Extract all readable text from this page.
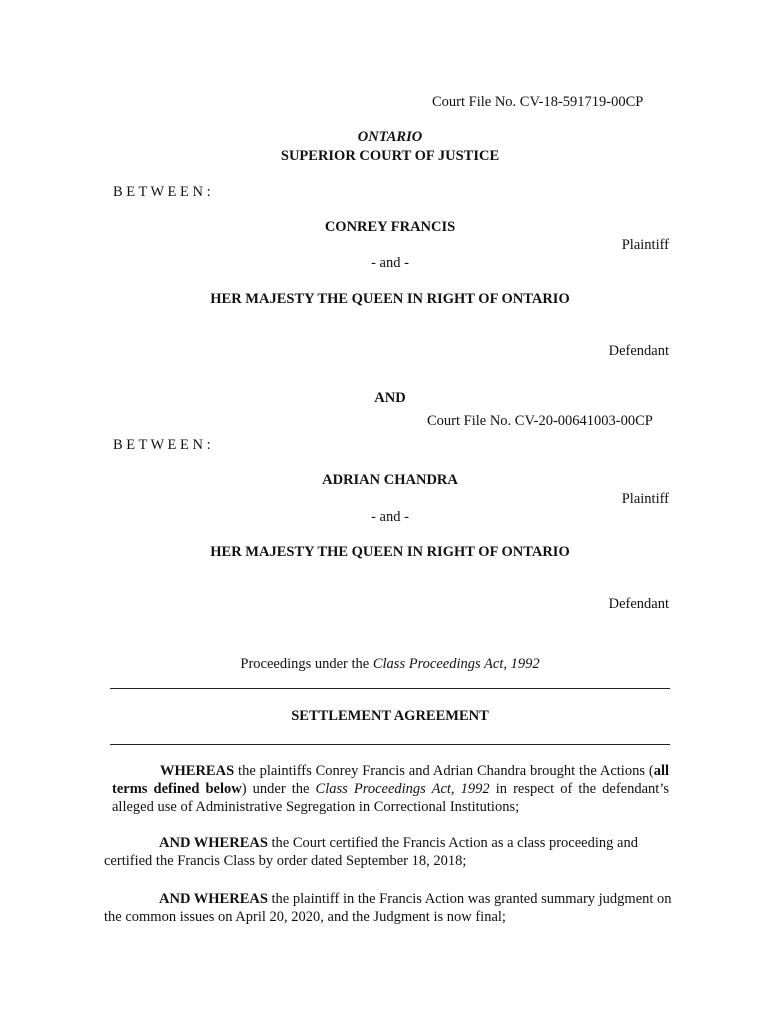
Court File No. CV-18-591719-00CP
ONTARIO
SUPERIOR COURT OF JUSTICE
B E T W E E N :
CONREY FRANCIS
Plaintiff
- and -
HER MAJESTY THE QUEEN IN RIGHT OF ONTARIO
Defendant
AND
Court File No. CV-20-00641003-00CP
B E T W E E N :
ADRIAN CHANDRA
Plaintiff
- and -
HER MAJESTY THE QUEEN IN RIGHT OF ONTARIO
Defendant
Proceedings under the Class Proceedings Act, 1992
SETTLEMENT AGREEMENT
WHEREAS the plaintiffs Conrey Francis and Adrian Chandra brought the Actions (all terms defined below) under the Class Proceedings Act, 1992 in respect of the defendant’s alleged use of Administrative Segregation in Correctional Institutions;
AND WHEREAS the Court certified the Francis Action as a class proceeding and certified the Francis Class by order dated September 18, 2018;
AND WHEREAS the plaintiff in the Francis Action was granted summary judgment on the common issues on April 20, 2020, and the Judgment is now final;
